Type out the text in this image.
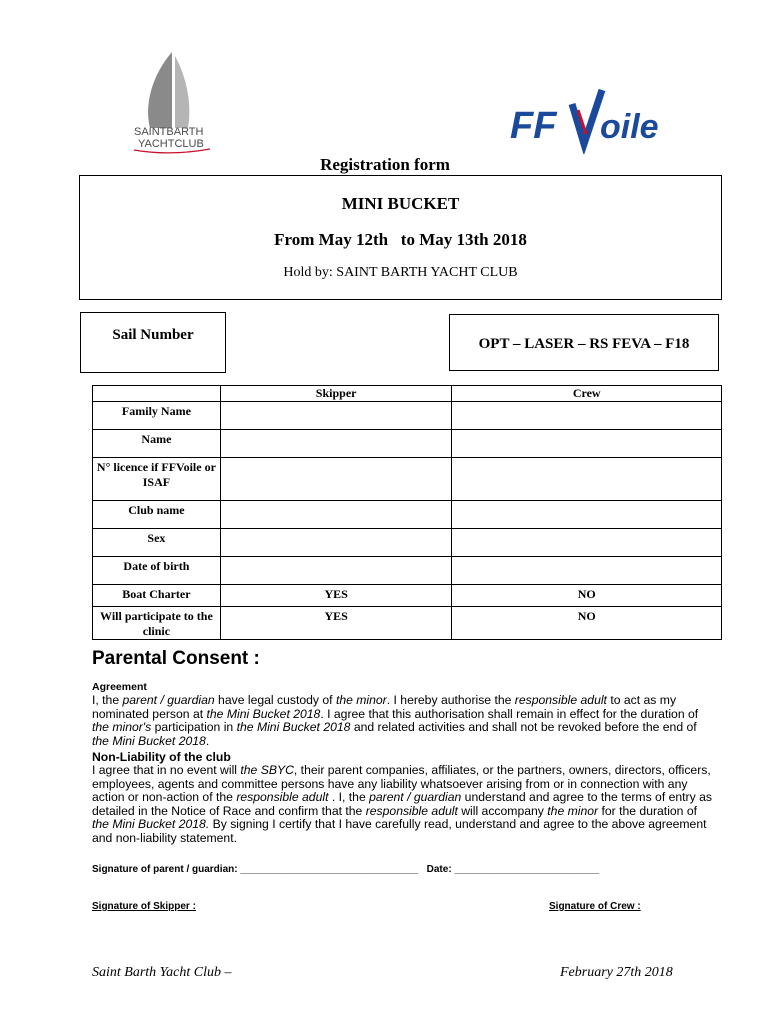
SAINTBARTH
YACHTCLUB	FF oile
Registration form
MINI BUCKET
From May 12th   to May 13th 2018
Hold by: SAINT BARTH YACHT CLUB
Sail Number
OPT – LASER – RS FEVA – F18
	Skipper	Crew
Family Name		
Name		
N° licence if FFVoile or ISAF		
Club name		
Sex		
Date of birth		
Boat Charter	YES	NO
Will participate to the clinic	YES	NO
Parental Consent :
Agreement
I, the parent / guardian have legal custody of the minor. I hereby authorise the responsible adult to act as my nominated person at the Mini Bucket 2018. I agree that this authorisation shall remain in effect for the duration of the minor's participation in the Mini Bucket 2018 and related activities and shall not be revoked before the end of the Mini Bucket 2018.
Non-Liability of the club
I agree that in no event will the SBYC, their parent companies, affiliates, or the partners, owners, directors, officers, employees, agents and committee persons have any liability whatsoever arising from or in connection with any action or non-action of the responsible adult . I, the parent / guardian understand and agree to the terms of entry as detailed in the Notice of Race and confirm that the responsible adult will accompany the minor for the duration of the Mini Bucket 2018. By signing I certify that I have carefully read, understand and agree to the above agreement and non-liability statement.
Signature of parent / guardian: ________________________________   Date: __________________________
Signature of Skipper :	Signature of Crew :
Saint Barth Yacht Club –	February 27th 2018
